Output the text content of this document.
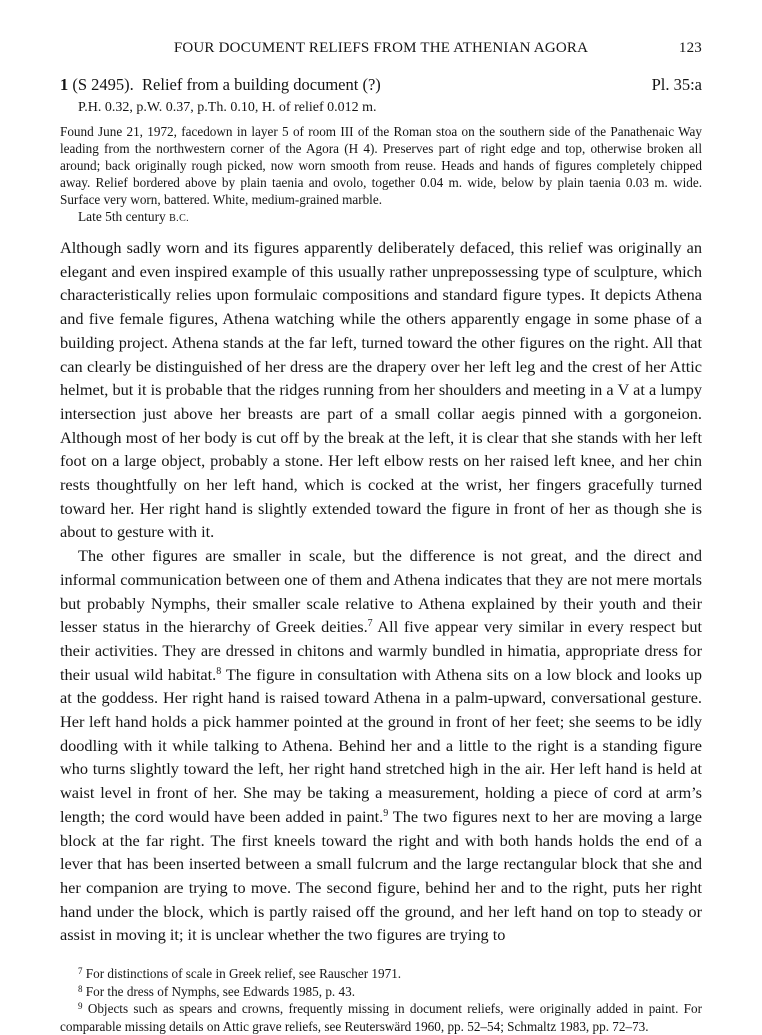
FOUR DOCUMENT RELIEFS FROM THE ATHENIAN AGORA	123
1 (S 2495). Relief from a building document (?)	Pl. 35:a
P.H. 0.32, p.W. 0.37, p.Th. 0.10, H. of relief 0.012 m.
Found June 21, 1972, facedown in layer 5 of room III of the Roman stoa on the southern side of the Panathenaic Way leading from the northwestern corner of the Agora (H 4). Preserves part of right edge and top, otherwise broken all around; back originally rough picked, now worn smooth from reuse. Heads and hands of figures completely chipped away. Relief bordered above by plain taenia and ovolo, together 0.04 m. wide, below by plain taenia 0.03 m. wide. Surface very worn, battered. White, medium-grained marble.
Late 5th century B.C.

Although sadly worn and its figures apparently deliberately defaced, this relief was originally an elegant and even inspired example of this usually rather unprepossessing type of sculpture, which characteristically relies upon formulaic compositions and standard figure types. It depicts Athena and five female figures, Athena watching while the others apparently engage in some phase of a building project. Athena stands at the far left, turned toward the other figures on the right. All that can clearly be distinguished of her dress are the drapery over her left leg and the crest of her Attic helmet, but it is probable that the ridges running from her shoulders and meeting in a V at a lumpy intersection just above her breasts are part of a small collar aegis pinned with a gorgoneion. Although most of her body is cut off by the break at the left, it is clear that she stands with her left foot on a large object, probably a stone. Her left elbow rests on her raised left knee, and her chin rests thoughtfully on her left hand, which is cocked at the wrist, her fingers gracefully turned toward her. Her right hand is slightly extended toward the figure in front of her as though she is about to gesture with it.

The other figures are smaller in scale, but the difference is not great, and the direct and informal communication between one of them and Athena indicates that they are not mere mortals but probably Nymphs, their smaller scale relative to Athena explained by their youth and their lesser status in the hierarchy of Greek deities.$^7$ All five appear very similar in every respect but their activities. They are dressed in chitons and warmly bundled in himatia, appropriate dress for their usual wild habitat.$^8$ The figure in consultation with Athena sits on a low block and looks up at the goddess. Her right hand is raised toward Athena in a palm-upward, conversational gesture. Her left hand holds a pick hammer pointed at the ground in front of her feet; she seems to be idly doodling with it while talking to Athena. Behind her and a little to the right is a standing figure who turns slightly toward the left, her right hand stretched high in the air. Her left hand is held at waist level in front of her. She may be taking a measurement, holding a piece of cord at arm’s length; the cord would have been added in paint.$^9$ The two figures next to her are moving a large block at the far right. The first kneels toward the right and with both hands holds the end of a lever that has been inserted between a small fulcrum and the large rectangular block that she and her companion are trying to move. The second figure, behind her and to the right, puts her right hand under the block, which is partly raised off the ground, and her left hand on top to steady or assist in moving it; it is unclear whether the two figures are trying to

$^7$ For distinctions of scale in Greek relief, see Rauscher 1971.
$^8$ For the dress of Nymphs, see Edwards 1985, p. 43.
$^9$ Objects such as spears and crowns, frequently missing in document reliefs, were originally added in paint. For comparable missing details on Attic grave reliefs, see Reuterswärd 1960, pp. 52–54; Schmaltz 1983, pp. 72–73.
